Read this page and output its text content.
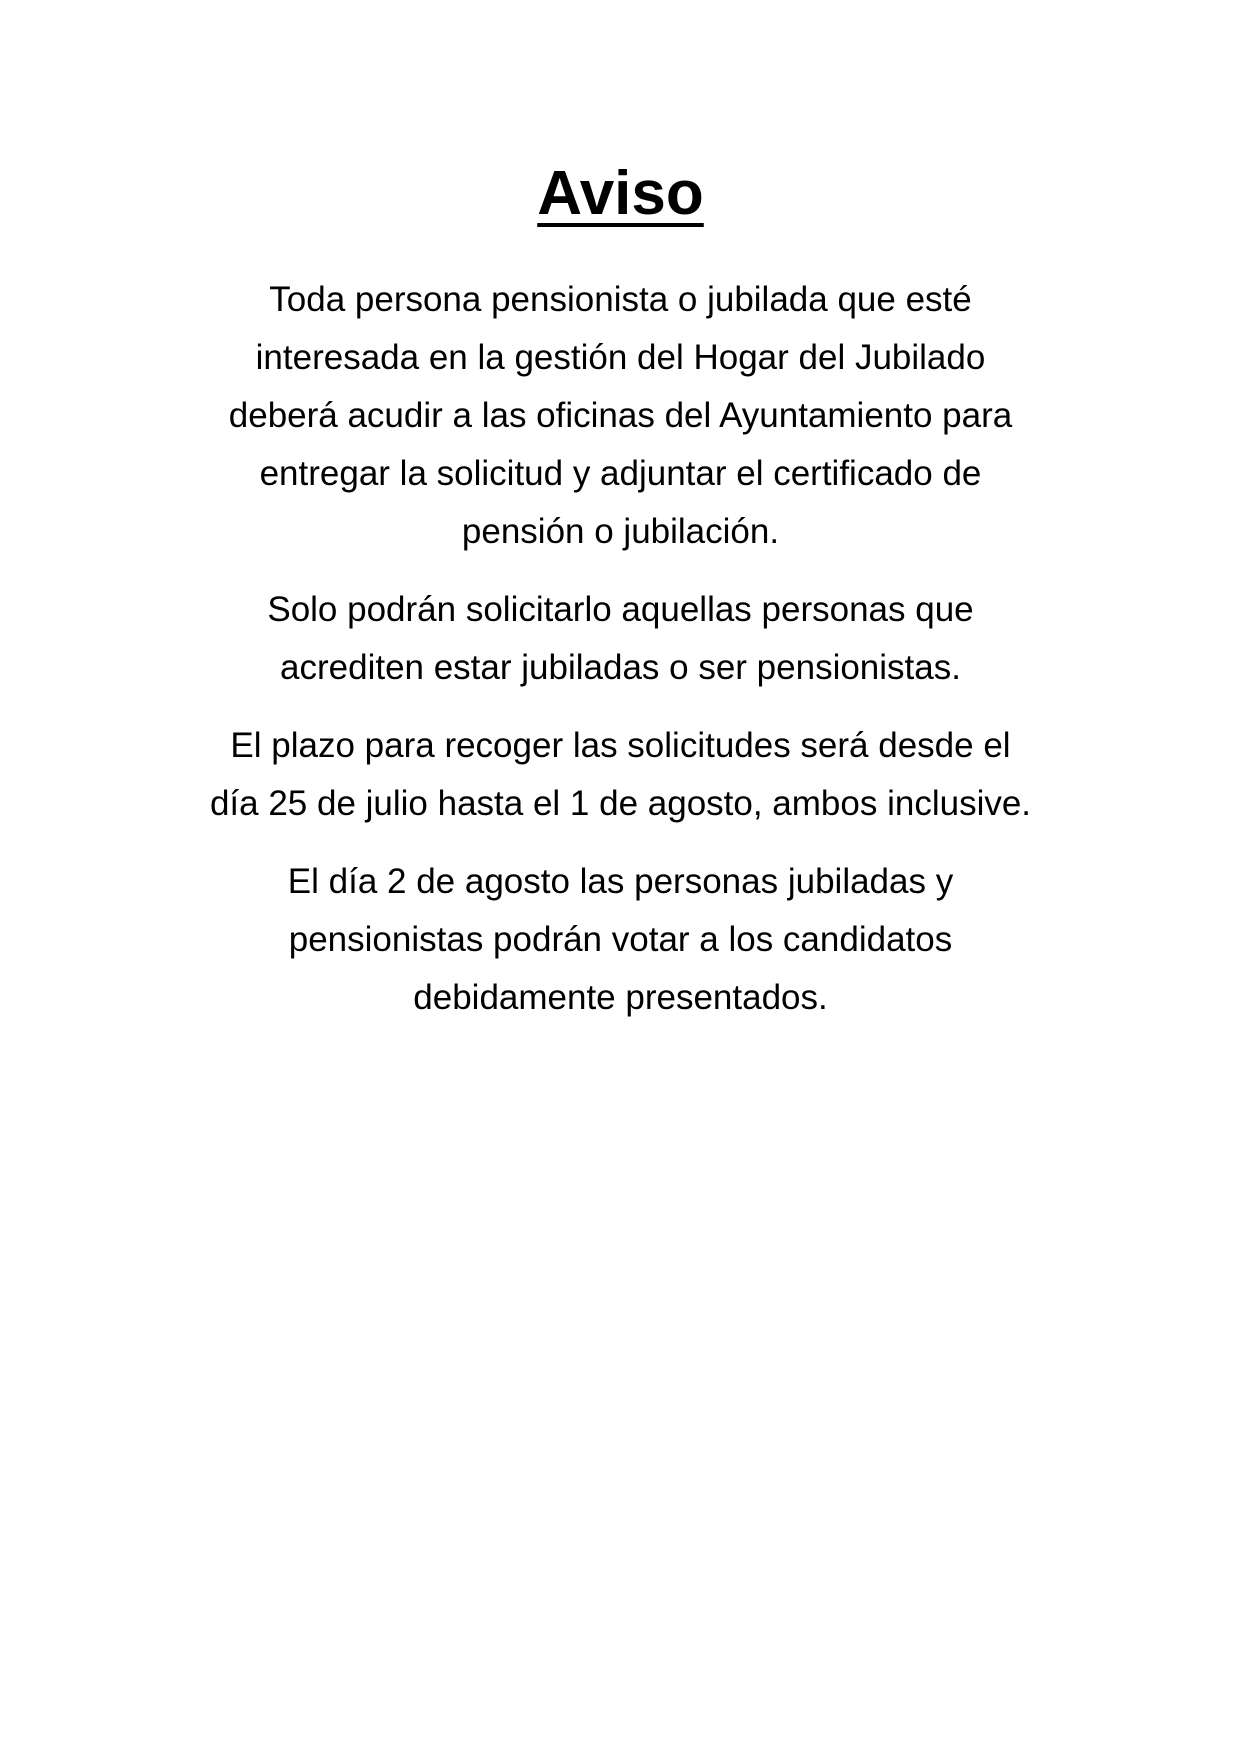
Aviso

Toda persona pensionista o jubilada que esté
interesada en la gestión del Hogar del Jubilado
deberá acudir a las oficinas del Ayuntamiento para
entregar la solicitud y adjuntar el certificado de
pensión o jubilación.

Solo podrán solicitarlo aquellas personas que
acrediten estar jubiladas o ser pensionistas.

El plazo para recoger las solicitudes será desde el
día 25 de julio hasta el 1 de agosto, ambos inclusive.

El día 2 de agosto las personas jubiladas y
pensionistas podrán votar a los candidatos
debidamente presentados.
